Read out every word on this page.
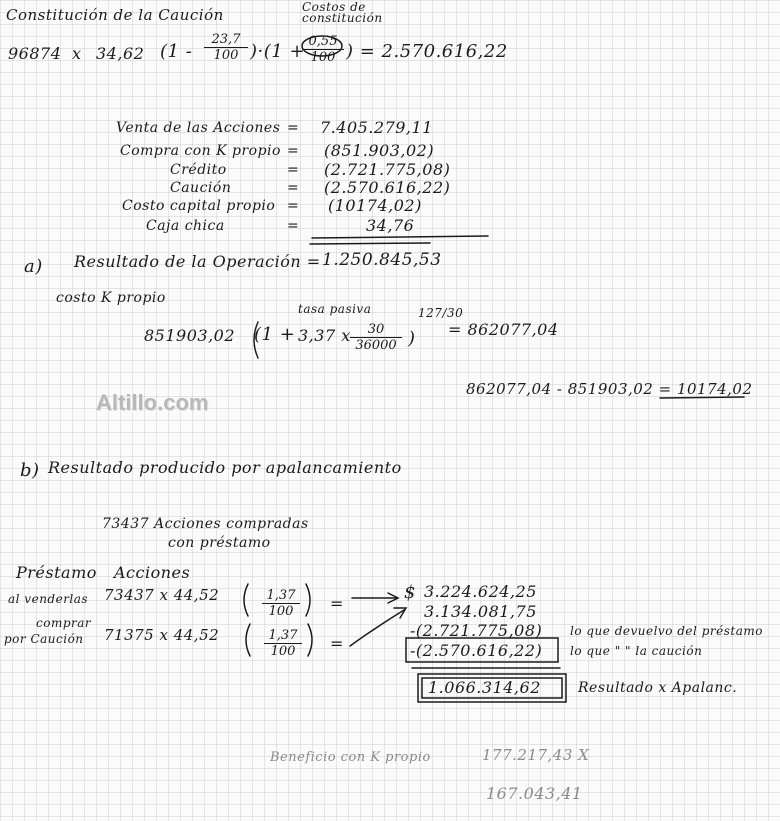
Constitución de la Caución	Costos de constitución
96874 x 34,62 $(1 - \frac{23,7}{100} )\cdot(1$ +
$\frac{0,55}{100}$ ) = 2.570.616,22
Venta de las Acciones = 7.405.279,11
Compra con K propio = (851.903,02)
Crédito	= (2.721.775,08)
Caución	= (2.570.616,22)
Costo capital propio = (10174,02)
Caja chica	=	34,76
a) Resultado de la Operación = 1.250.845,53
costo K propio
tasa pasiva	127/30
851903,02 (1 + 3,37 x $\frac{30}{36000}$ ) = 862077,04
862077,04 - 851903,02 = 10174,02
Altillo.com
b) Resultado producido por apalancamiento
73437 Acciones compradas
con préstamo
Préstamo Acciones
al venderlas 73437 x 44,52	$\frac{1,37}{100}$ =
comprar
por Caución 71375 x 44,52	$\frac{1,37}{100}$ =
$ 3.224.624,25
3.134.081,75
-(2.721.775,08)
-(2.570.616,22)
lo que devuelvo del préstamo
lo que " " la caución
1.066.314,62	Resultado x Apalanc.
Beneficio con K propio	177.217,43 X
167.043,41
